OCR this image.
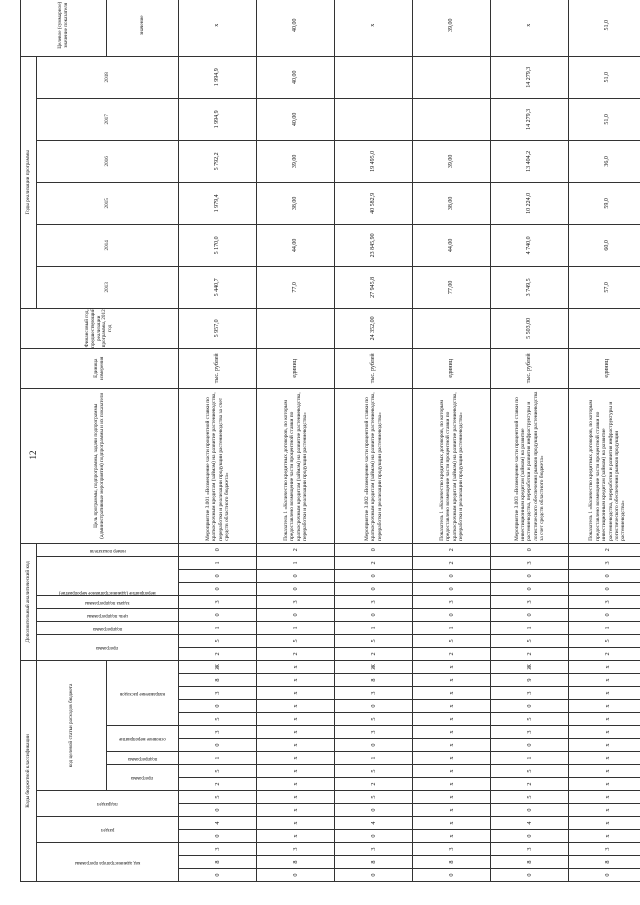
12
Коды бюджетной классификации																	Дополнительный аналитический код									Цель программы, подпрограммы, задачи подпрограммы (административные мероприятия) подпрограммы и их показатели	Единица измерения	Финансовый год, предшествующий реализации программы, 2012 год	Годы реализации программы						Целевое (суммарное) значение показателя

код администратора программы			раздел		подраздел		код целевой статьи расходов бюджета										программа		подпрограмма	цель подпрограммы	задача подпрограммы	мероприятие (административное мероприятие)			номер показателя				2013	2014	2015	2016	2017	2018	

							программа		подпрограмма	основное мероприятие		направление расходов																							значение
0	8	3	0	4	0	5	2	5	1	0	3	5	0	3	8	Ж	2	5	1	0	3	0	0	1	0	Мероприятие 3.001 «Возмещение части процентной ставки по краткосрочным кредитам (займам) на развитие растениеводства, переработки и реализации продукции растениеводства за счет средств областного бюджета»	тыс. рублей	5 957,0	5 440,7	5 170,0	1 979,4	5 792,2	1 994,9	1 994,9	x
0	8	3	x	x	x	x	x	x	x	x	x	x	x	x	x	x	2	5	1	0	3	0	0	1	2	Показатель 1 «Количество кредитных договоров, по которым предоставлено возмещение части процентной ставки по краткосрочным кредитам (займам) на развитие растениеводства, переработки и реализации продукции растениеводства»	единиц		77,0	44,00	38,00	39,00	40,00	40,00	40,00
0	8	3	0	4	0	5	2	5	1	0	3	5	0	3	8	Ж	2	5	1	0	3	0	0	2	0	Мероприятие 3.002 «Возмещение части процентной ставки по краткосрочным кредитам (займам) на развитие растениеводства, переработки и реализации продукции растениеводства»	тыс. рублей	24 352,00	27 945,8	23 845,90	40 582,9	19 495,0			x
0	8	3	x	x	x	x	x	x	x	x	x	x	x	x	x	x	2	5	1	0	3	0	0	2	2	Показатель 1 «Количество кредитных договоров, по которым предоставлено возмещение части процентной ставки по краткосрочным кредитам (займам) на развитие растениеводства, переработки и реализации продукции растениеводства»	единиц		77,00	44,00	38,00	39,00			39,00
0	8	3	0	4	0	5	2	5	1	0	3	5	0	3	9	Ж	2	5	1	0	3	0	0	3	0	Мероприятие 3.003 «Возмещение части процентной ставки по инвестиционным кредитам (займам) на развитие растениеводства, переработки и развития инфраструктуры и логистического обеспечения рынков продукции растениеводства за счет средств областного бюджета»	тыс. рублей	5 503,00	3 749,5	4 740,0	10 224,0	13 404,2	14 279,3	14 279,3	x
0	8	3	x	x	x	x	x	x	x	x	x	x	x	x	x	x	2	5	1	0	3	0	0	3	2	Показатель 1 «Количество кредитных договоров, по которым предоставлено возмещение части процентной ставки по инвестиционным кредитам (займам) на развитие растениеводства, переработки и развития инфраструктуры и логистического обеспечения рынков продукции растениеводства»	единиц		57,0	60,0	59,0	36,0	51,0	51,0	51,0
